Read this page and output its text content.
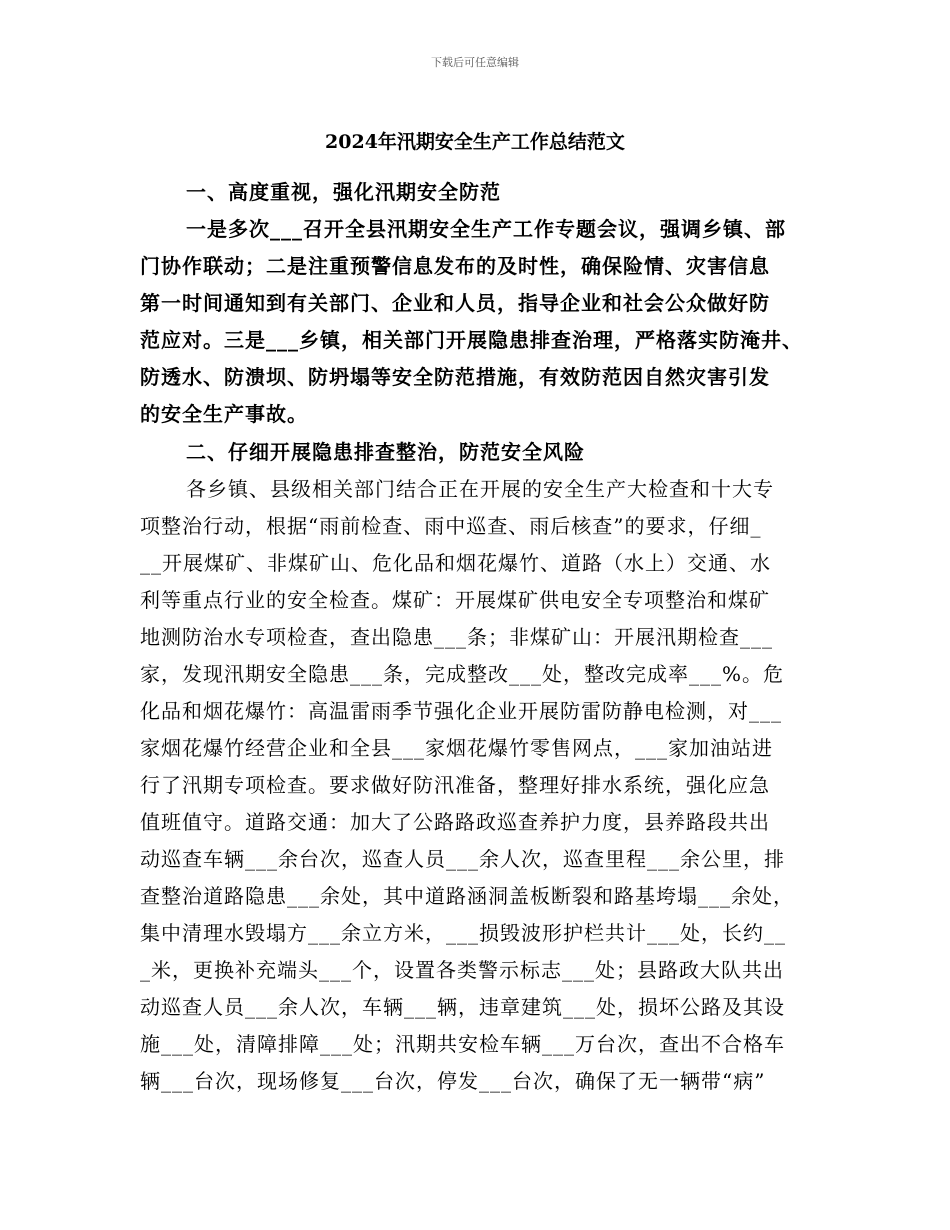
下载后可任意编辑
2024年汛期安全生产工作总结范文
一、高度重视，强化汛期安全防范
一是多次___召开全县汛期安全生产工作专题会议，强调乡镇、部
门协作联动；二是注重预警信息发布的及时性，确保险情、灾害信息
第一时间通知到有关部门、企业和人员，指导企业和社会公众做好防
范应对。三是___乡镇，相关部门开展隐患排查治理，严格落实防淹井、
防透水、防溃坝、防坍塌等安全防范措施，有效防范因自然灾害引发
的安全生产事故。
二、仔细开展隐患排查整治，防范安全风险
各乡镇、县级相关部门结合正在开展的安全生产大检查和十大专
项整治行动，根据“雨前检查、雨中巡查、雨后核查”的要求，仔细_
__开展煤矿、非煤矿山、危化品和烟花爆竹、道路（水上）交通、水
利等重点行业的安全检查。煤矿：开展煤矿供电安全专项整治和煤矿
地测防治水专项检查，查出隐患___条；非煤矿山：开展汛期检查___
家，发现汛期安全隐患___条，完成整改___处，整改完成率___%。危
化品和烟花爆竹：高温雷雨季节强化企业开展防雷防静电检测，对___
家烟花爆竹经营企业和全县___家烟花爆竹零售网点，___家加油站进
行了汛期专项检查。要求做好防汛准备，整理好排水系统，强化应急
值班值守。道路交通：加大了公路路政巡查养护力度，县养路段共出
动巡查车辆___余台次，巡查人员___余人次，巡查里程___余公里，排
查整治道路隐患___余处，其中道路涵洞盖板断裂和路基垮塌___余处，
集中清理水毁塌方___余立方米，___损毁波形护栏共计___处，长约__
_米，更换补充端头___个，设置各类警示标志___处；县路政大队共出
动巡查人员___余人次，车辆___辆，违章建筑___处，损坏公路及其设
施___处，清障排障___处；汛期共安检车辆___万台次，查出不合格车
辆___台次，现场修复___台次，停发___台次，确保了无一辆带“病”
